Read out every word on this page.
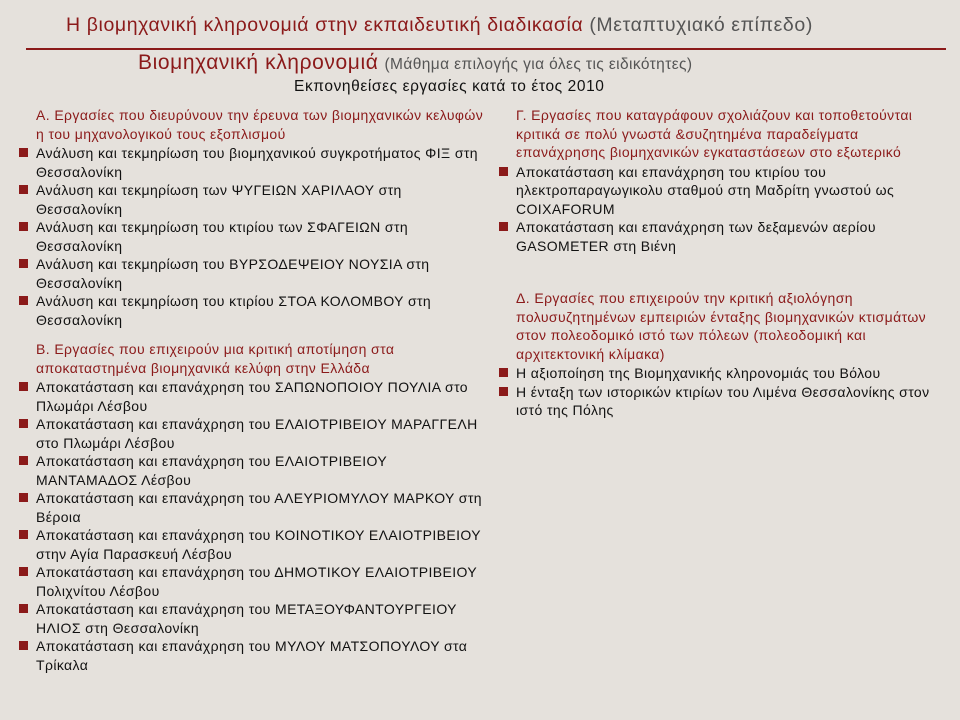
Η βιομηχανική κληρονομιά στην εκπαιδευτική διαδικασία (Μεταπτυχιακό επίπεδο)
Βιομηχανική κληρονομιά (Μάθημα επιλογής για όλες τις ειδικότητες)
Εκπονηθείσες εργασίες κατά το έτος 2010
Α. Εργασίες που διευρύνουν την έρευνα των βιομηχανικών κελυφών η του μηχανολογικού τους εξοπλισμού
Ανάλυση και τεκμηρίωση του βιομηχανικού συγκροτήματος ΦΙΞ στη Θεσσαλονίκη
Ανάλυση και τεκμηρίωση των ΨΥΓΕΙΩΝ ΧΑΡΙΛΑΟΥ στη Θεσσαλονίκη
Ανάλυση και τεκμηρίωση του κτιρίου των ΣΦΑΓΕΙΩΝ στη Θεσσαλονίκη
Ανάλυση και τεκμηρίωση του ΒΥΡΣΟΔΕΨΕΙΟΥ ΝΟΥΣΙΑ στη Θεσσαλονίκη
Ανάλυση και τεκμηρίωση του κτιρίου ΣΤΟΑ ΚΟΛΟΜΒΟΥ στη Θεσσαλονίκη
Β. Εργασίες που επιχειρούν μια κριτική αποτίμηση στα αποκαταστημένα βιομηχανικά κελύφη στην Ελλάδα
Αποκατάσταση και επανάχρηση του ΣΑΠΩΝΟΠΟΙΟΥ ΠΟΥΛΙΑ στο Πλωμάρι Λέσβου
Αποκατάσταση και επανάχρηση του ΕΛΑΙΟΤΡΙΒΕΙΟΥ ΜΑΡΑΓΓΕΛΗ στο Πλωμάρι Λέσβου
Αποκατάσταση και επανάχρηση του ΕΛΑΙΟΤΡΙΒΕΙΟΥ ΜΑΝΤΑΜΑΔΟΣ Λέσβου
Αποκατάσταση και επανάχρηση του ΑΛΕΥΡΙΟΜΥΛΟΥ ΜΑΡΚΟΥ στη Βέροια
Αποκατάσταση και επανάχρηση του ΚΟΙΝΟΤΙΚΟΥ ΕΛΑΙΟΤΡΙΒΕΙΟΥ στην Αγία Παρασκευή Λέσβου
Αποκατάσταση και επανάχρηση του ΔΗΜΟΤΙΚΟΥ ΕΛΑΙΟΤΡΙΒΕΙΟΥ Πολιχνίτου Λέσβου
Αποκατάσταση και επανάχρηση του ΜΕΤΑΞΟΥΦΑΝΤΟΥΡΓΕΙΟΥ ΗΛΙΟΣ στη Θεσσαλονίκη
Αποκατάσταση και επανάχρηση του ΜΥΛΟΥ ΜΑΤΣΟΠΟΥΛΟΥ στα Τρίκαλα
Γ. Εργασίες που καταγράφουν σχολιάζουν και τοποθετούνται κριτικά σε πολύ γνωστά &συζητημένα παραδείγματα επανάχρησης βιομηχανικών εγκαταστάσεων στο εξωτερικό
Αποκατάσταση και επανάχρηση του κτιρίου του ηλεκτροπαραγωγικολυ σταθμού στη Μαδρίτη γνωστού ως COIXAFORUM
Αποκατάσταση και επανάχρηση των δεξαμενών αερίου GASOMETER στη Βιένη
Δ. Εργασίες που επιχειρούν την κριτική αξιολόγηση πολυσυζητημένων εμπειριών ένταξης βιομηχανικών κτισμάτων στον πολεοδομικό ιστό των πόλεων (πολεοδομική και αρχιτεκτονική κλίμακα)
Η αξιοποίηση της Βιομηχανικής κληρονομιάς του Βόλου
Η ένταξη των ιστορικών κτιρίων του Λιμένα Θεσσαλονίκης στον ιστό της Πόλης
